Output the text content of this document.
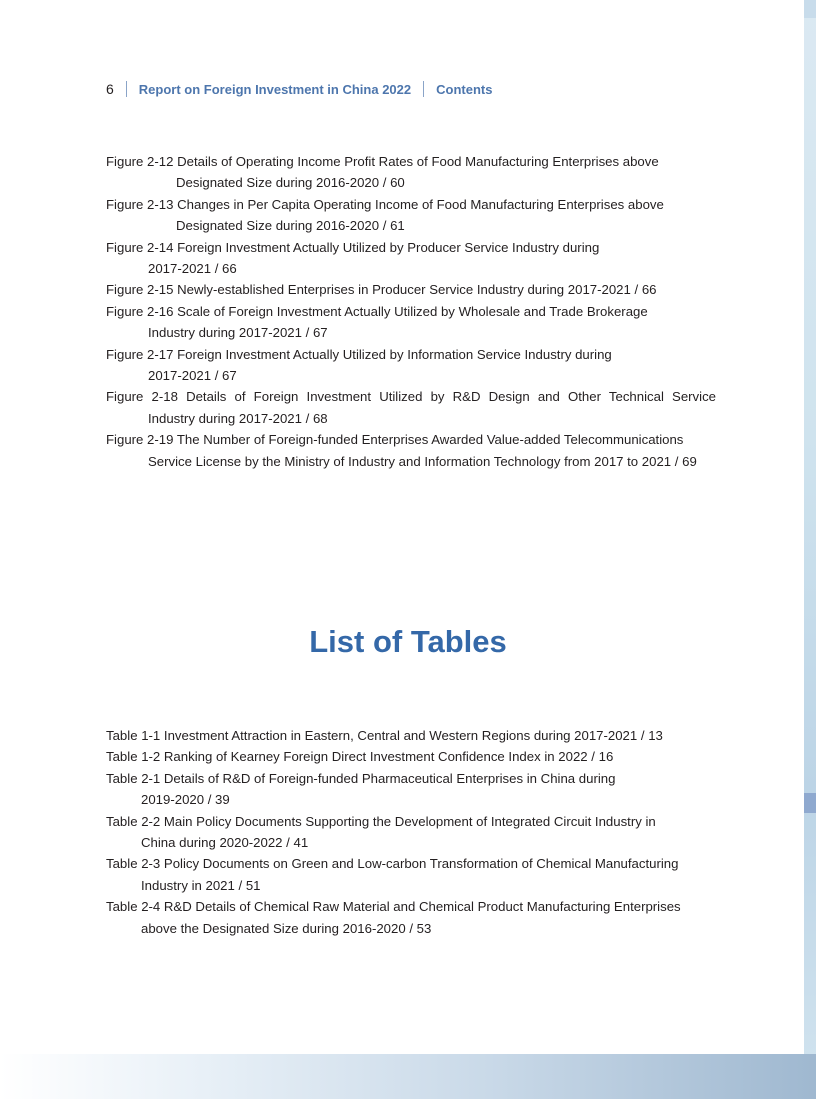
6 Report on Foreign Investment in China 2022 Contents
Figure 2-12 Details of Operating Income Profit Rates of Food Manufacturing Enterprises above
Designated Size during 2016-2020 / 60
Figure 2-13 Changes in Per Capita Operating Income of Food Manufacturing Enterprises above
Designated Size during 2016-2020 / 61
Figure 2-14 Foreign Investment Actually Utilized by Producer Service Industry during
2017-2021 / 66
Figure 2-15 Newly-established Enterprises in Producer Service Industry during 2017-2021 / 66
Figure 2-16 Scale of Foreign Investment Actually Utilized by Wholesale and Trade Brokerage
Industry during 2017-2021 / 67
Figure 2-17 Foreign Investment Actually Utilized by Information Service Industry during
2017-2021 / 67
Figure 2-18 Details of Foreign Investment Utilized by R&D Design and Other Technical Service
Industry during 2017-2021 / 68
Figure 2-19 The Number of Foreign-funded Enterprises Awarded Value-added Telecommunications
Service License by the Ministry of Industry and Information Technology from 2017 to 2021 / 69
List of Tables
Table 1-1 Investment Attraction in Eastern, Central and Western Regions during 2017-2021 / 13
Table 1-2 Ranking of Kearney Foreign Direct Investment Confidence Index in 2022 / 16
Table 2-1 Details of R&D of Foreign-funded Pharmaceutical Enterprises in China during
2019-2020 / 39
Table 2-2 Main Policy Documents Supporting the Development of Integrated Circuit Industry in
China during 2020-2022 / 41
Table 2-3 Policy Documents on Green and Low-carbon Transformation of Chemical Manufacturing
Industry in 2021 / 51
Table 2-4 R&D Details of Chemical Raw Material and Chemical Product Manufacturing Enterprises
above the Designated Size during 2016-2020 / 53
